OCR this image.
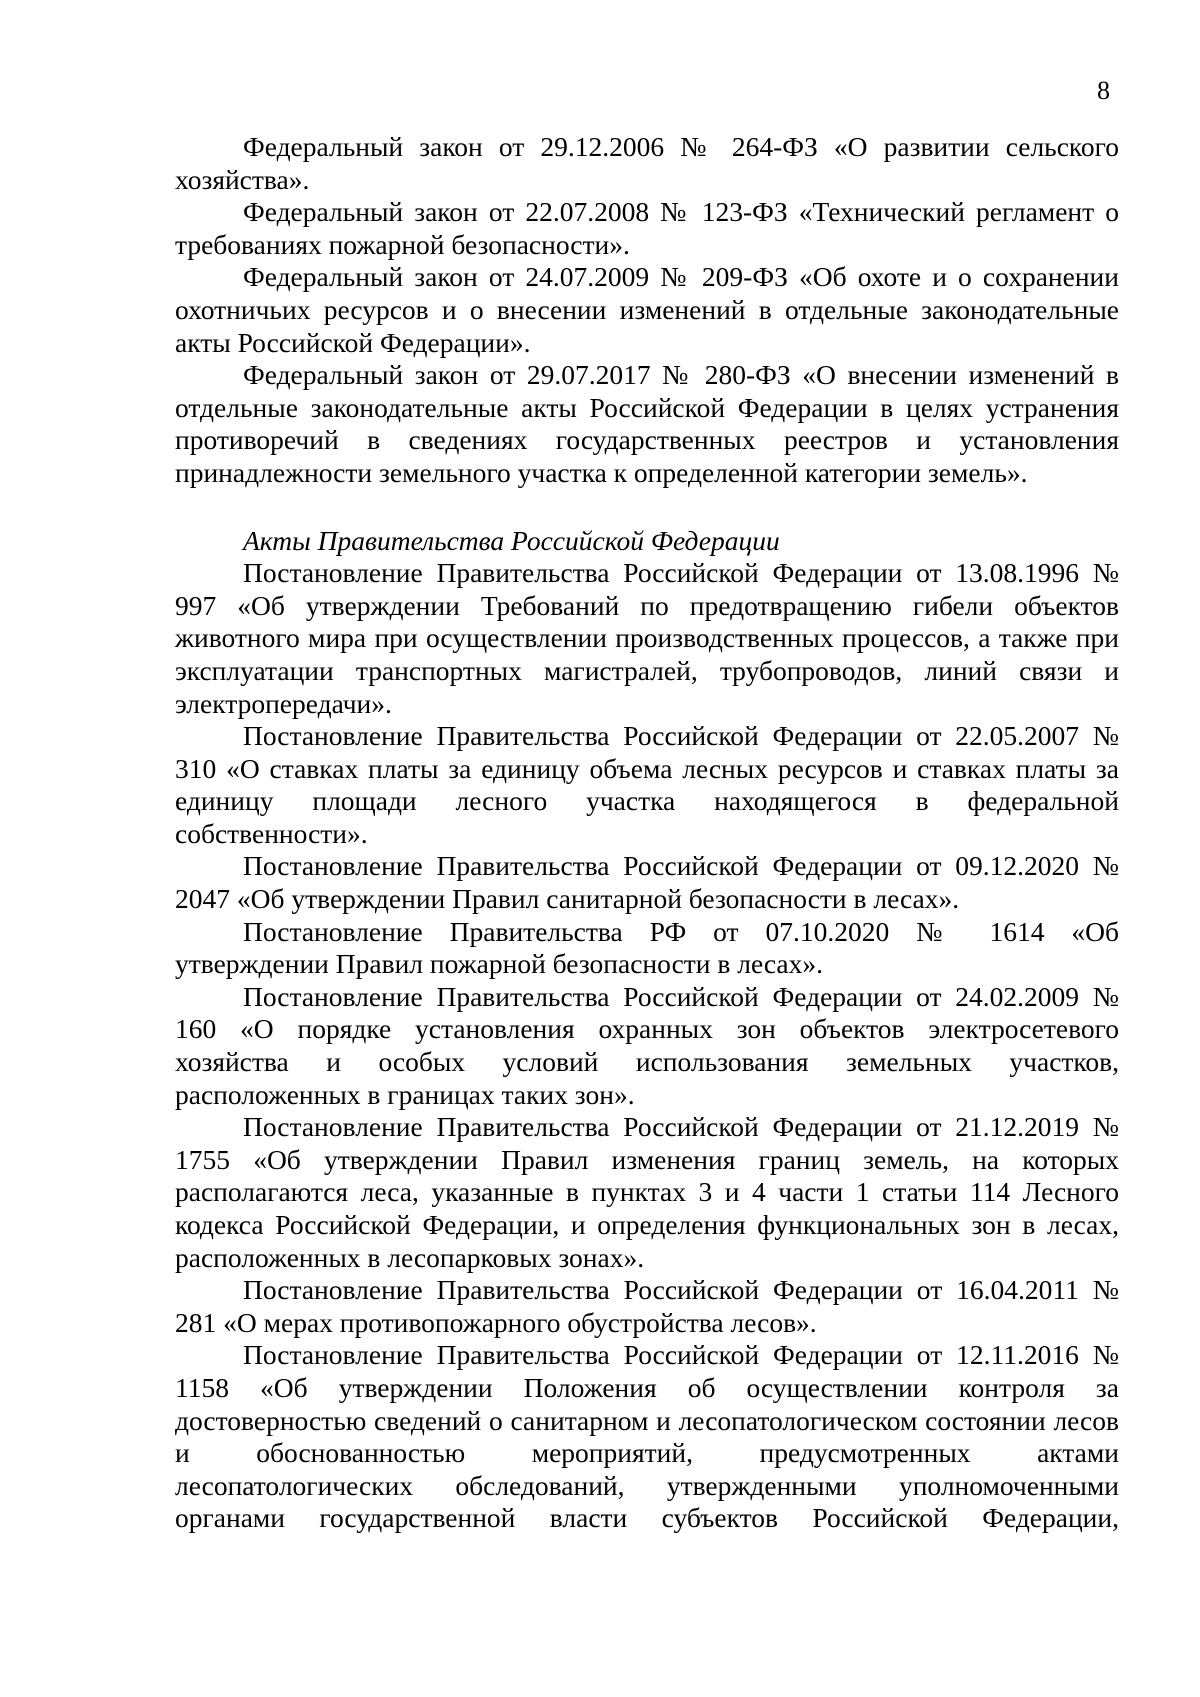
8

Федеральный закон от 29.12.2006 № 264-ФЗ «О развитии сельского хозяйства».

Федеральный закон от 22.07.2008 № 123-ФЗ «Технический регламент о требованиях пожарной безопасности».

Федеральный закон от 24.07.2009 № 209-ФЗ «Об охоте и о сохранении охотничьих ресурсов и о внесении изменений в отдельные законодательные акты Российской Федерации».

Федеральный закон от 29.07.2017 № 280-ФЗ «О внесении изменений в отдельные законодательные акты Российской Федерации в целях устранения противоречий в сведениях государственных реестров и установления принадлежности земельного участка к определенной категории земель».

Акты Правительства Российской Федерации

Постановление Правительства Российской Федерации от 13.08.1996 № 997 «Об утверждении Требований по предотвращению гибели объектов животного мира при осуществлении производственных процессов, а также при эксплуатации транспортных магистралей, трубопроводов, линий связи и электропередачи».

Постановление Правительства Российской Федерации от 22.05.2007 № 310 «О ставках платы за единицу объема лесных ресурсов и ставках платы за единицу площади лесного участка находящегося в федеральной собственности».

Постановление Правительства Российской Федерации от 09.12.2020 № 2047 «Об утверждении Правил санитарной безопасности в лесах».

Постановление Правительства РФ от 07.10.2020 № 1614 «Об утверждении Правил пожарной безопасности в лесах».

Постановление Правительства Российской Федерации от 24.02.2009 № 160 «О порядке установления охранных зон объектов электросетевого хозяйства и особых условий использования земельных участков, расположенных в границах таких зон».

Постановление Правительства Российской Федерации от 21.12.2019 № 1755 «Об утверждении Правил изменения границ земель, на которых располагаются леса, указанные в пунктах 3 и 4 части 1 статьи 114 Лесного кодекса Российской Федерации, и определения функциональных зон в лесах, расположенных в лесопарковых зонах».

Постановление Правительства Российской Федерации от 16.04.2011 № 281 «О мерах противопожарного обустройства лесов».

Постановление Правительства Российской Федерации от 12.11.2016 № 1158 «Об утверждении Положения об осуществлении контроля за достоверностью сведений о санитарном и лесопатологическом состоянии лесов и обоснованностью мероприятий, предусмотренных актами лесопатологических обследований, утвержденными уполномоченными органами государственной власти субъектов Российской Федерации,
